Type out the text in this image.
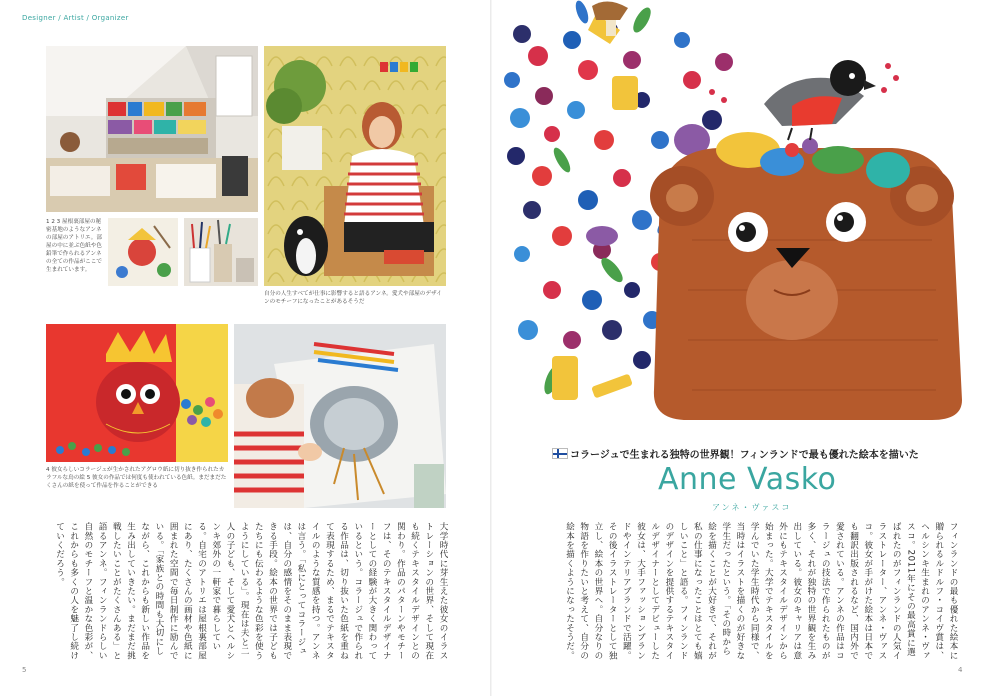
Designer / Artist / Organizer
1 2 3 屋根裏部屋の秘密基地のようなアンネの部屋のアトリエ。部屋の中に並ぶ色紙や色鉛筆で作られるアンネの全ての作品がここで生まれています。
自分の人生すべてが仕事に影響すると語るアンネ。愛犬や部屋のデザインのモチーフになったことがあるそうだ
4 彼女らしいコラージュが生かされたアグロウ紙に切り抜き作られたカラフルな鳥の絵 5 彼女の作品では何度も使われている色紙。まだまだたくさんの紙を使って作品を作ることができる

大学時代に芽生えた彼女のイラストレーションの世界、そして現在も続くテキスタイルデザインとの関わり。作品のパターンやモチーフは、そのテキスタイルデザイナーとしての経験が大きく関わっているという。コラージュで作られる作品は、切り抜いた色紙を重ねて表現するため、まるでテキスタイルのような質感を持つ。アンネは言う。「私にとってコラージュは、自分の感情をそのまま表現できる手段。絵本の世界では子どもたちにも伝わるような色彩を使うようにしている」。現在は夫と二人の子ども、そして愛犬とヘルシンキ郊外の一軒家で暮らしている。自宅のアトリエは屋根裏部屋にあり、たくさんの画材や色紙に囲まれた空間で毎日制作に励んでいる。「家族との時間も大切にしながら、これからも新しい作品を生み出していきたい。まだまだ挑戦したいことがたくさんある」と語るアンネ。フィンランドらしい自然のモチーフと温かな色彩が、これからも多くの人を魅了し続けていくだろう。

5
コラージュで生まれる独特の世界観！フィンランドで最も優れた絵本を描いた
Anne Vasko
アンネ・ヴァスコ

フィンランドの最も優れた絵本に贈られるルドルフ・コイヴ賞は、ヘルシンキ生まれのアンネ・ヴァスコ。2011年にその最高賞に選ばれたのがフィンランドの人気イラストレーター、アンネ・ヴァスコ。彼女が手がけた絵本は日本でも翻訳出版されるなど、国内外で愛されている。アンネの作品はコラージュの技法で作られたものが多く、それが独特の世界観を生み出している。彼女のキャリアは意外にもテキスタイルデザインから始まった。大学でテキスタイルを学んでいた学生時代から同様で、当時はイラストを描くのが好きな学生だったという。「その時から絵を描くことが大好きで、それが私の仕事になったことはとても嬉しいこと」と語る。フィンランドのデザインを提供するテキスタイルデザイナーとしてデビューした彼女は、大手ファッションブランドやインテリアブランドで活躍。その後イラストレーターとして独立し、絵本の世界へ。自分なりの物語を作りたいと考えて、自分の絵本を描くようになったそうだ。

4
